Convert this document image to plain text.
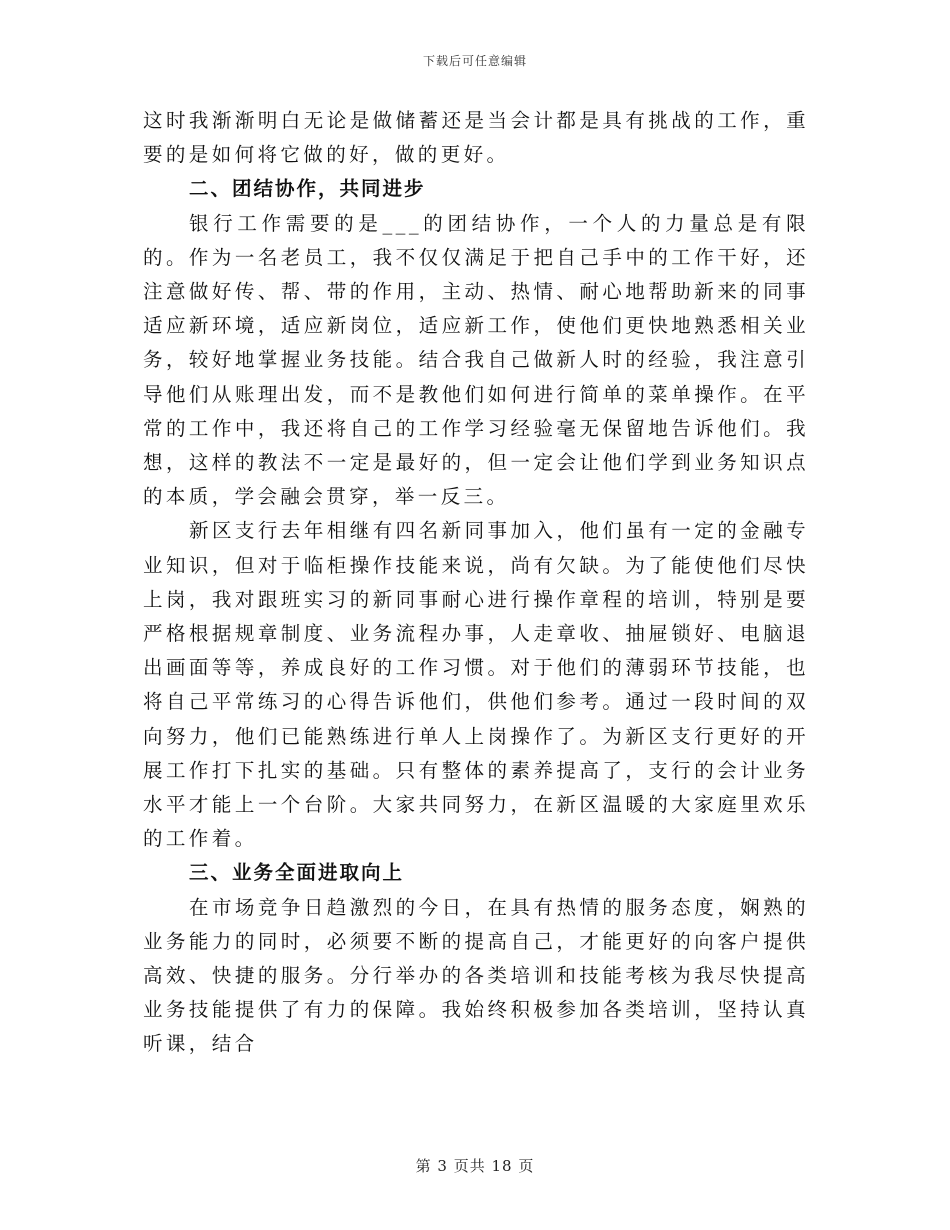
下载后可任意编辑

这时我渐渐明白无论是做储蓄还是当会计都是具有挑战的工作，重要的是如何将它做的好，做的更好。

二、团结协作，共同进步

银行工作需要的是___的团结协作，一个人的力量总是有限的。作为一名老员工，我不仅仅满足于把自己手中的工作干好，还注意做好传、帮、带的作用，主动、热情、耐心地帮助新来的同事适应新环境，适应新岗位，适应新工作，使他们更快地熟悉相关业务，较好地掌握业务技能。结合我自己做新人时的经验，我注意引导他们从账理出发，而不是教他们如何进行简单的菜单操作。在平常的工作中，我还将自己的工作学习经验毫无保留地告诉他们。我想，这样的教法不一定是最好的，但一定会让他们学到业务知识点的本质，学会融会贯穿，举一反三。

新区支行去年相继有四名新同事加入，他们虽有一定的金融专业知识，但对于临柜操作技能来说，尚有欠缺。为了能使他们尽快上岗，我对跟班实习的新同事耐心进行操作章程的培训，特别是要严格根据规章制度、业务流程办事，人走章收、抽屉锁好、电脑退出画面等等，养成良好的工作习惯。对于他们的薄弱环节技能，也将自己平常练习的心得告诉他们，供他们参考。通过一段时间的双向努力，他们已能熟练进行单人上岗操作了。为新区支行更好的开展工作打下扎实的基础。只有整体的素养提高了，支行的会计业务水平才能上一个台阶。大家共同努力，在新区温暖的大家庭里欢乐的工作着。

三、业务全面进取向上

在市场竞争日趋激烈的今日，在具有热情的服务态度，娴熟的业务能力的同时，必须要不断的提高自己，才能更好的向客户提供高效、快捷的服务。分行举办的各类培训和技能考核为我尽快提高业务技能提供了有力的保障。我始终积极参加各类培训，坚持认真听课，结合

第 3 页共 18 页
